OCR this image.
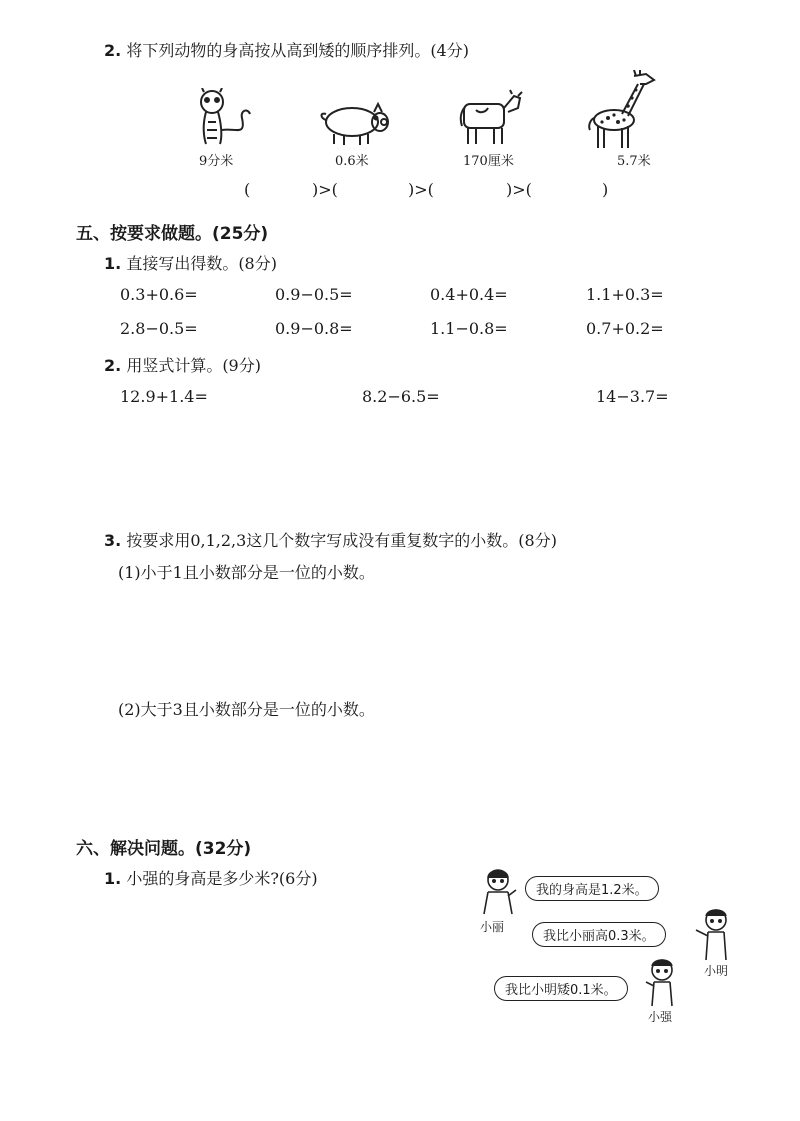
2. 将下列动物的身高按从高到矮的顺序排列。(4分)
9分米	0.6米	170厘米	5.7米
(	)>(	)>(	)>(	)
五、按要求做题。(25分)
1. 直接写出得数。(8分)
0.3+0.6=	0.9−0.5=	0.4+0.4=	1.1+0.3=
2.8−0.5=	0.9−0.8=	1.1−0.8=	0.7+0.2=
2. 用竖式计算。(9分)
12.9+1.4=	8.2−6.5=	14−3.7=
3. 按要求用0,1,2,3这几个数字写成没有重复数字的小数。(8分)
(1)小于1且小数部分是一位的小数。
(2)大于3且小数部分是一位的小数。
六、解决问题。(32分)
1. 小强的身高是多少米?(6分)
小丽
我的身高是1.2米。
我比小丽高0.3米。
小明
我比小明矮0.1米。
小强
